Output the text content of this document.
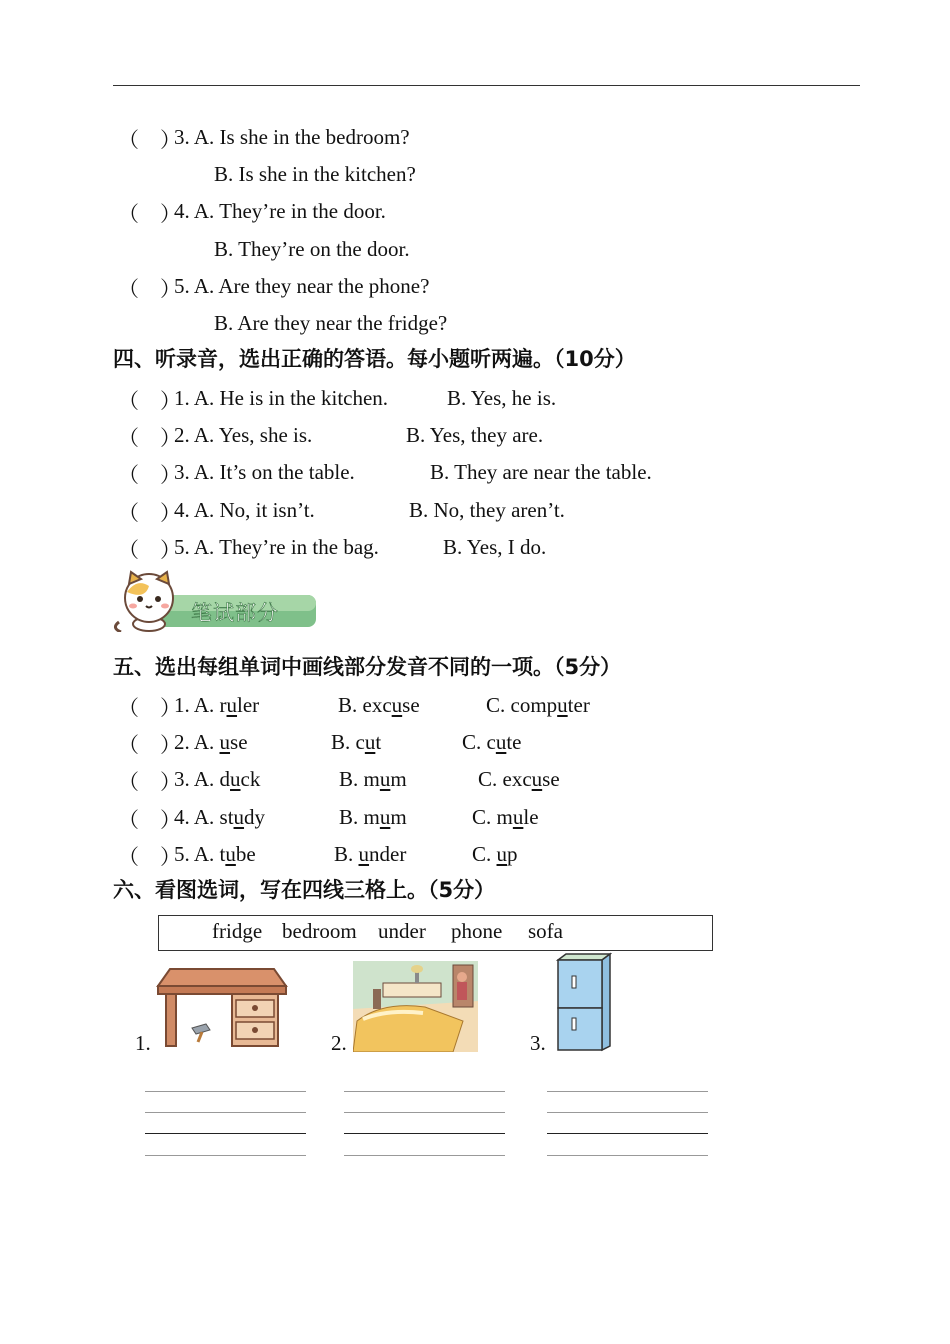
（　）
3. A. Is she in the bedroom?
B. Is she in the kitchen?
（　）
4. A. They’re in the door.
B. They’re on the door.
（　）
5. A. Are they near the phone?
B. Are they near the fridge?
四、听录音，选出正确的答语。每小题听两遍。（10分）
（　）
1. A. He is in the kitchen.	B. Yes, he is.
（　）
2. A. Yes, she is.	B. Yes, they are.
（　）
3. A. It’s on the table.	B. They are near the table.
（　）
4. A. No, it isn’t.	B. No, they aren’t.
（　）
5. A. They’re in the bag.	B. Yes, I do.
笔试部分
五、选出每组单词中画线部分发音不同的一项。（5分）
（　）
1. A. ruler	B. excuse	C. computer
（　）
2. A. use	B. cut	C. cute
（　）
3. A. duck	B. mum	C. excuse
（　）
4. A. study	B. mum	C. mule
（　）
5. A. tube	B. under	C. up
六、看图选词，写在四线三格上。（5分）
fridge bedroom under phone sofa
1.	2.	3.
